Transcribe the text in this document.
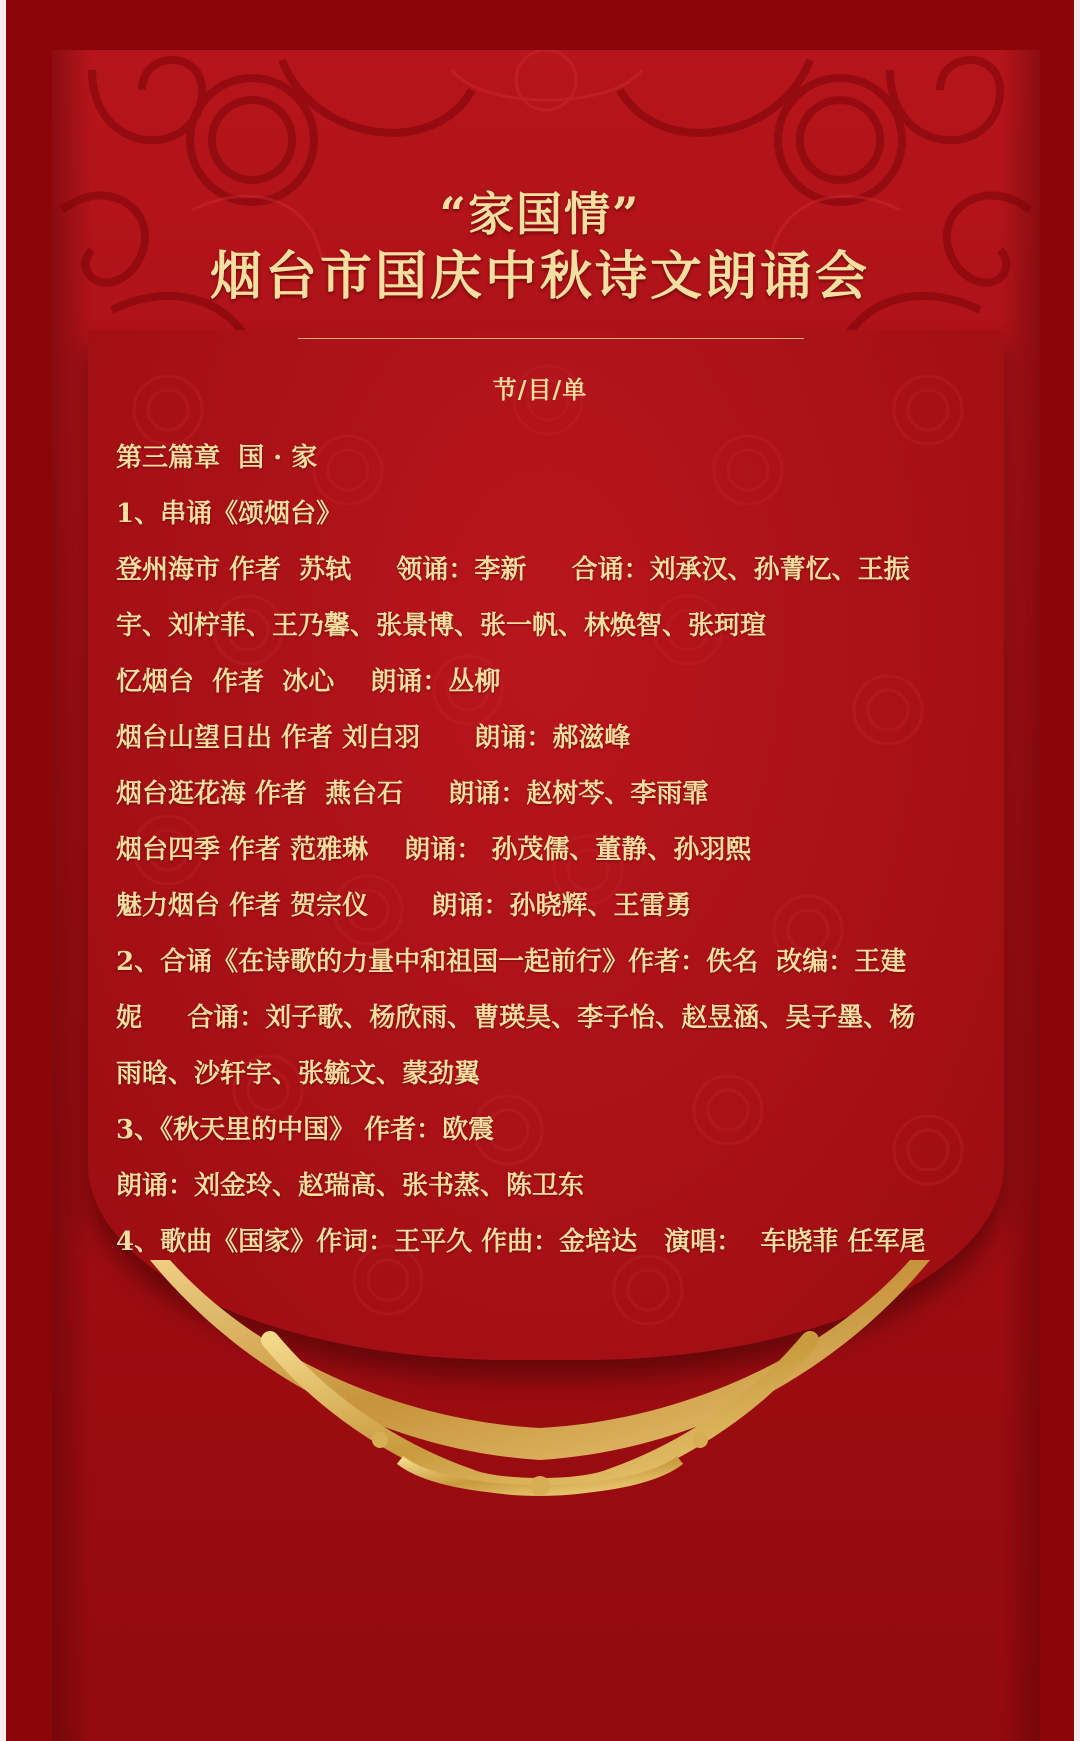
“家国情”
烟台市国庆中秋诗文朗诵会
节/目/单
第三篇章  国 · 家
1、串诵《颂烟台》
登州海市 作者  苏轼     领诵：李新     合诵：刘承汉、孙菁忆、王振
宇、刘柠菲、王乃馨、张景博、张一帆、林焕智、张珂瑄
忆烟台  作者  冰心    朗诵：丛柳
烟台山望日出 作者 刘白羽      朗诵：郝滋峰
烟台逛花海 作者  燕台石     朗诵：赵树芩、李雨霏
烟台四季 作者 范雅琳    朗诵： 孙茂儒、董静、孙羽熙
魅力烟台 作者 贺宗仪       朗诵：孙晓辉、王雷勇
2、合诵《在诗歌的力量中和祖国一起前行》作者：佚名  改编：王建
妮     合诵：刘子歌、杨欣雨、曹瑛昊、李子怡、赵昱涵、吴子墨、杨
雨晗、沙轩宇、张毓文、蒙劲翼
3、《秋天里的中国》 作者：欧震
朗诵：刘金玲、赵瑞高、张书蒸、陈卫东
4、歌曲《国家》作词：王平久 作曲：金培达   演唱：  车晓菲 任军尾
